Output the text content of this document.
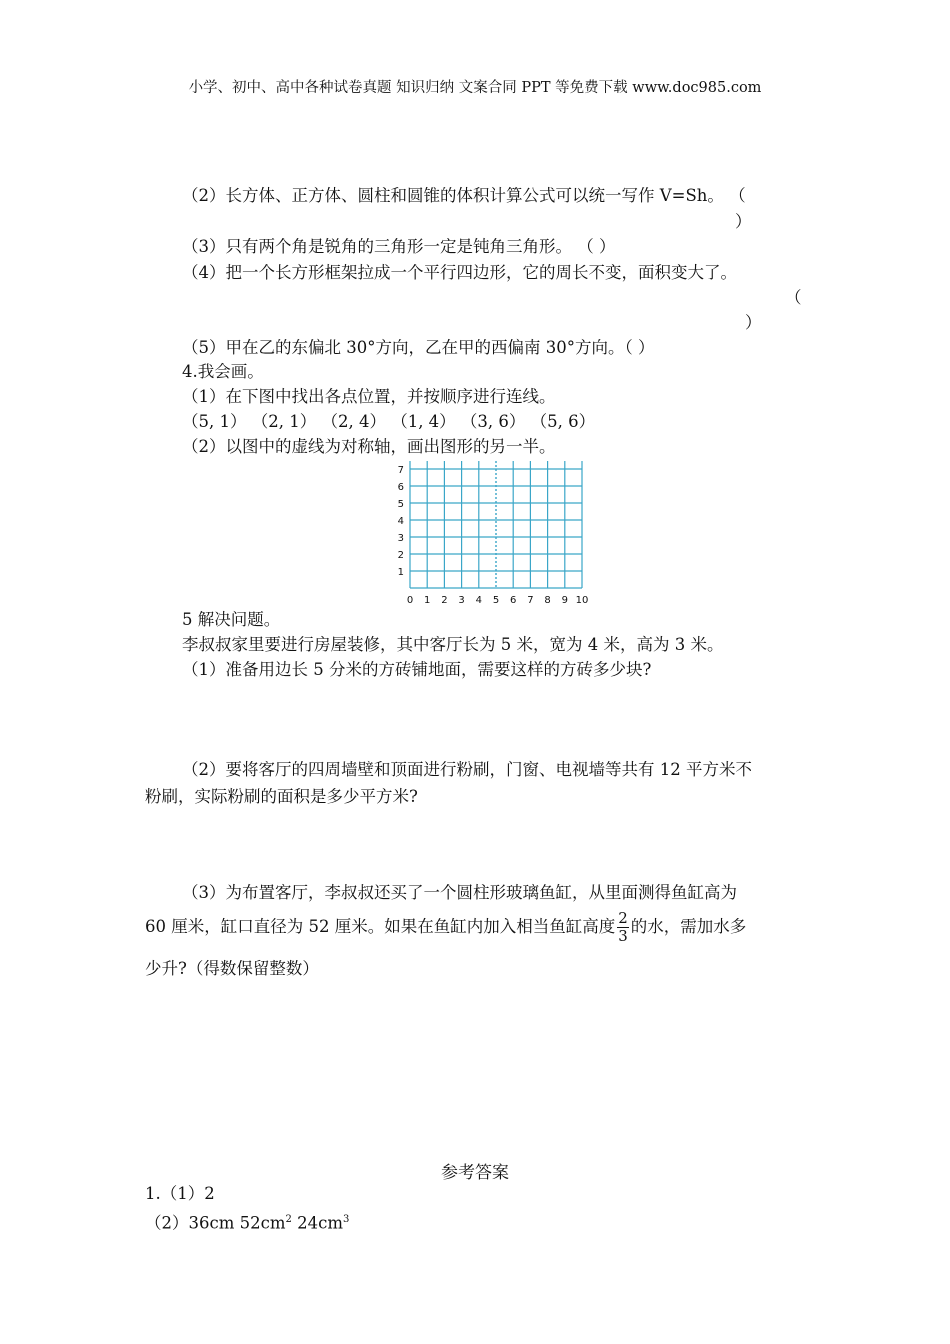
小学、初中、高中各种试卷真题 知识归纳 文案合同 PPT 等免费下载 www.doc985.com
（2）长方体、正方体、圆柱和圆锥的体积计算公式可以统一写作 V=Sh。 （
）
（3）只有两个角是锐角的三角形一定是钝角三角形。 （ ）
（4）把一个长方形框架拉成一个平行四边形，它的周长不变，面积变大了。
（
）
（5）甲在乙的东偏北 30°方向，乙在甲的西偏南 30°方向。（ ）
4.我会画。
（1）在下图中找出各点位置，并按顺序进行连线。
（5, 1） （2, 1） （2, 4） （1, 4） （3, 6） （5, 6）
（2）以图中的虚线为对称轴，画出图形的另一半。
0 1 2 3 4 5 6 7 8 9 10
1
2
3
4
5
6
7
5 解决问题。
李叔叔家里要进行房屋装修，其中客厅长为 5 米，宽为 4 米，高为 3 米。
（1）准备用边长 5 分米的方砖铺地面，需要这样的方砖多少块?
（2）要将客厅的四周墙壁和顶面进行粉刷，门窗、电视墙等共有 12 平方米不
粉刷，实际粉刷的面积是多少平方米?
（3）为布置客厅，李叔叔还买了一个圆柱形玻璃鱼缸，从里面测得鱼缸高为
60 厘米，缸口直径为 52 厘米。如果在鱼缸内加入相当鱼缸高度 $\frac{2}{3}$ 的水，需加水多
少升?（得数保留整数）
参考答案
1.（1）2
（2）36cm $52cm^2$ $24cm^3$
